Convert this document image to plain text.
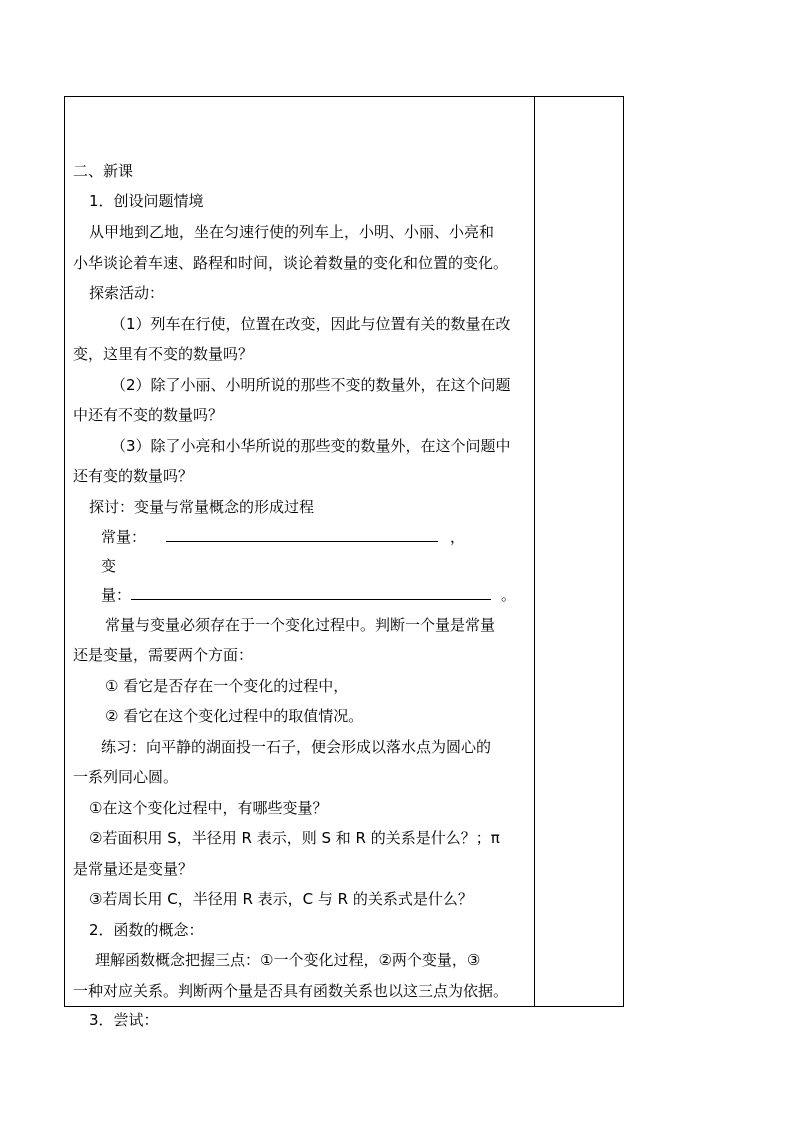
二、新课
1．创设问题情境
从甲地到乙地，坐在匀速行使的列车上，小明、小丽、小亮和
小华谈论着车速、路程和时间，谈论着数量的变化和位置的变化。
探索活动：
（1）列车在行使，位置在改变，因此与位置有关的数量在改
变，这里有不变的数量吗？
（2）除了小丽、小明所说的那些不变的数量外，在这个问题
中还有不变的数量吗？
（3）除了小亮和小华所说的那些变的数量外，在这个问题中
还有变的数量吗？
探讨：变量与常量概念的形成过程
常量：	，
变
量：	。
常量与变量必须存在于一个变化过程中。判断一个量是常量
还是变量，需要两个方面：
① 看它是否存在一个变化的过程中，
② 看它在这个变化过程中的取值情况。
练习：向平静的湖面投一石子，便会形成以落水点为圆心的
一系列同心圆。
①在这个变化过程中，有哪些变量？
②若面积用 S，半径用 R 表示，则 S 和 R 的关系是什么？；π
是常量还是变量？
③若周长用 C，半径用 R 表示，C 与 R 的关系式是什么？
2．函数的概念：
理解函数概念把握三点：①一个变化过程，②两个变量，③
一种对应关系。判断两个量是否具有函数关系也以这三点为依据。
3．尝试：
